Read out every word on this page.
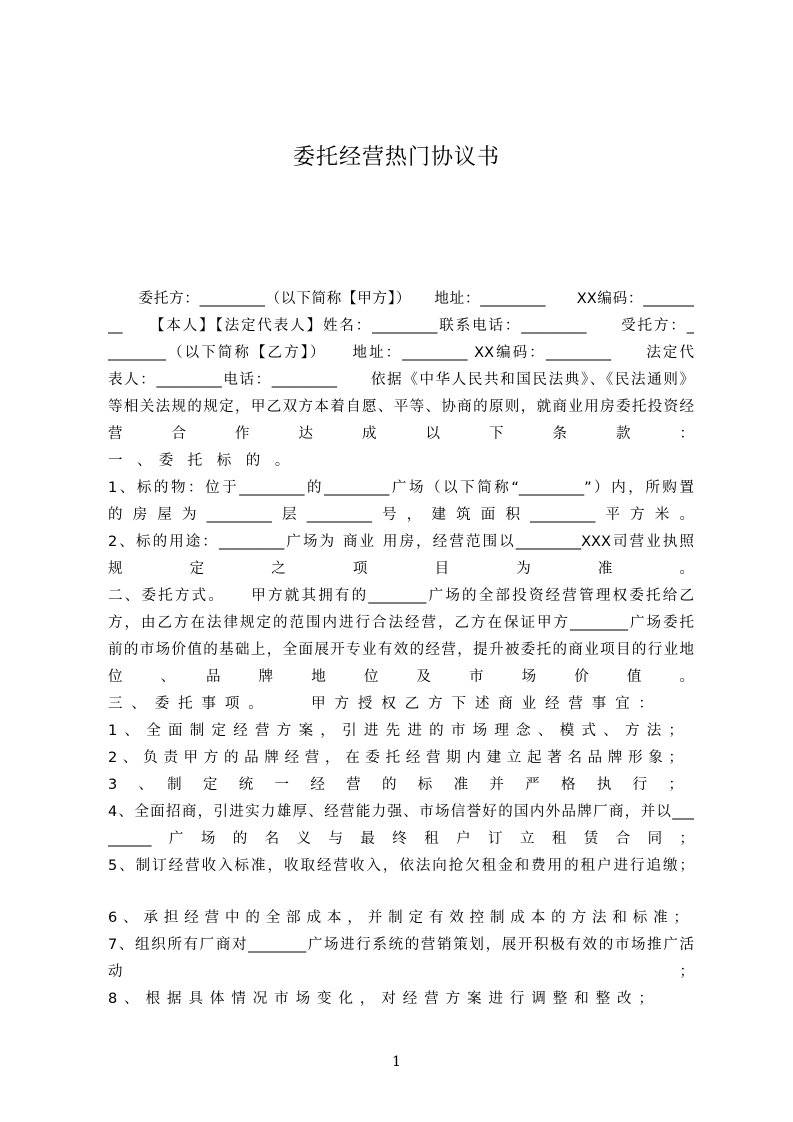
委托经营热门协议书
　　委托方：_________（以下简称【甲方】）　　地址：_________　　XX编码：_______
__　　【本人】【法定代表人】姓名：_________联系电话：_________　　受托方：_
________（以下简称【乙方】）　　地址：_________ XX编码：_________　　法定代
表人：_________电话：_________　　依据《中华人民共和国民法典》、《民法通则》
等相关法规的规定，甲乙双方本着自愿、平等、协商的原则，就商业用房委托投资经
营　合　作　达　成　以　下　条　款　：
一　、　委　托　标　的　。
1、标的物：位于_________的_________广场（以下简称“_________”）内，所购置
的房屋为_________层_________号，建筑面积_________平方米。
2、标的用途：_________广场为 商业 用房，经营范围以_________XXX司营业执照
规　定　之　项　目　为　准　。
二、委托方式。　　甲方就其拥有的________广场的全部投资经营管理权委托给乙
方，由乙方在法律规定的范围内进行合法经营，乙方在保证甲方________广场委托
前的市场价值的基础上，全面展开专业有效的经营，提升被委托的商业项目的行业地
位　、　品　牌　地　位　及　市　场　价　值　。
三、委托事项。　　甲方授权乙方下述商业经营事宜：
1、全面制定经营方案，引进先进的市场理念、模式、方法；
2、负责甲方的品牌经营，在委托经营期内建立起著名品牌形象；
3　、　制　定　统　一　经　营　的　标　准　并　严　格　执　行　；
4、全面招商，引进实力雄厚、经营能力强、市场信誉好的国内外品牌厂商，并以___
______广场的名义与最终租户订立租赁合同；
5、制订经营收入标准，收取经营收入，依法向抢欠租金和费用的租户进行追缴；
6、承担经营中的全部成本，并制定有效控制成本的方法和标准；
7、组织所有厂商对________广场进行系统的营销策划，展开积极有效的市场推广活
动	；
8、根据具体情况市场变化，对经营方案进行调整和整改；
1
